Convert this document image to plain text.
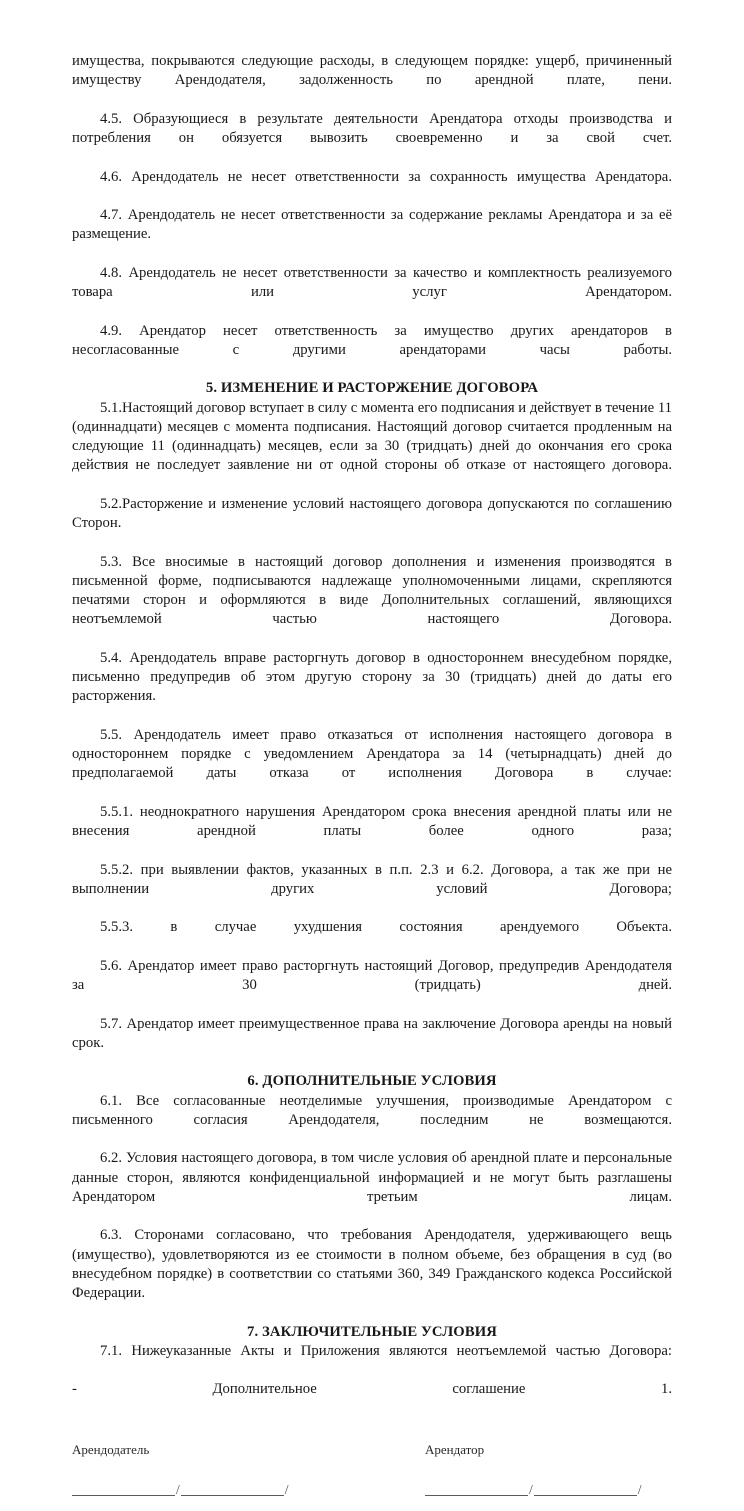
имущества, покрываются следующие расходы, в следующем порядке: ущерб, причиненный имуществу Арендодателя, задолженность по арендной плате, пени.

4.5. Образующиеся в результате деятельности Арендатора отходы производства и потребления он обязуется вывозить своевременно и за свой счет.

4.6. Арендодатель не несет ответственности за сохранность имущества Арендатора.

4.7. Арендодатель не несет ответственности за содержание рекламы Арендатора и за её размещение.

4.8. Арендодатель не несет ответственности за качество и комплектность реализуемого товара или услуг Арендатором.

4.9. Арендатор несет ответственность за имущество других арендаторов в несогласованные с другими арендаторами часы работы.

5. ИЗМЕНЕНИЕ И РАСТОРЖЕНИЕ ДОГОВОРА

5.1.Настоящий договор вступает в силу с момента его подписания и действует в течение 11 (одиннадцати) месяцев с момента подписания. Настоящий договор считается продленным на следующие 11 (одиннадцать) месяцев, если за 30 (тридцать) дней до окончания его срока действия не последует заявление ни от одной стороны об отказе от настоящего договора.

5.2.Расторжение и изменение условий настоящего договора допускаются по соглашению Сторон.

5.3. Все вносимые в настоящий договор дополнения и изменения производятся в письменной форме, подписываются надлежаще уполномоченными лицами, скрепляются печатями сторон и оформляются в виде Дополнительных соглашений, являющихся неотъемлемой частью настоящего Договора.

5.4. Арендодатель вправе расторгнуть договор в одностороннем внесудебном порядке, письменно предупредив об этом другую сторону за 30 (тридцать) дней до даты его расторжения.

5.5. Арендодатель имеет право отказаться от исполнения настоящего договора в одностороннем порядке с уведомлением Арендатора за 14 (четырнадцать) дней до предполагаемой даты отказа от исполнения Договора в случае:

5.5.1. неоднократного нарушения Арендатором срока внесения арендной платы или не внесения арендной платы более одного раза;

5.5.2. при выявлении фактов, указанных в п.п. 2.3 и 6.2. Договора, а так же при не выполнении других условий Договора;

5.5.3. в случае ухудшения состояния арендуемого Объекта.

5.6. Арендатор имеет право расторгнуть настоящий Договор, предупредив Арендодателя за 30 (тридцать) дней.

5.7. Арендатор имеет преимущественное права на заключение Договора аренды на новый срок.

6. ДОПОЛНИТЕЛЬНЫЕ УСЛОВИЯ

6.1. Все согласованные неотделимые улучшения, производимые Арендатором с письменного согласия Арендодателя, последним не возмещаются.

6.2. Условия настоящего договора, в том числе условия об арендной плате и персональные данные сторон, являются конфиденциальной информацией и не могут быть разглашены Арендатором третьим лицам.

6.3. Сторонами согласовано, что требования Арендодателя, удерживающего вещь (имущество), удовлетворяются из ее стоимости в полном объеме, без обращения в суд (во внесудебном порядке) в соответствии со статьями 360, 349 Гражданского кодекса Российской Федерации.

7. ЗАКЛЮЧИТЕЛЬНЫЕ УСЛОВИЯ

7.1. Нижеуказанные Акты и Приложения являются неотъемлемой частью Договора:

- Дополнительное соглашение 1.

Арендодатель
/	/
Арендатор
/	/
